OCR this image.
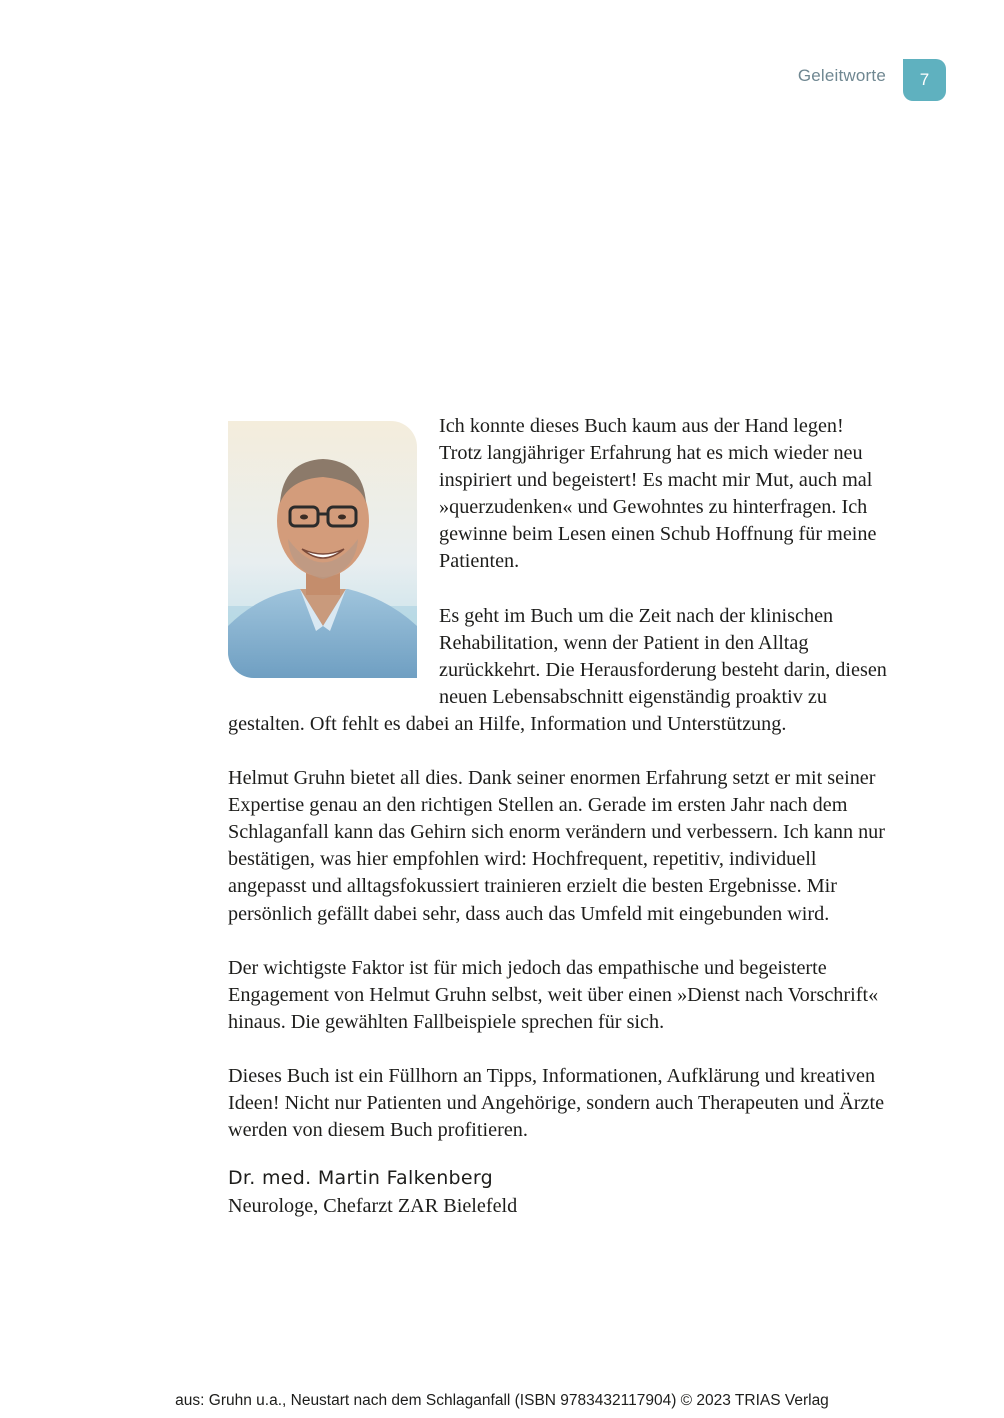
Geleitworte	7

Ich konnte dieses Buch kaum aus der Hand legen! Trotz langjähriger Erfahrung hat es mich wieder neu inspiriert und begeistert! Es macht mir Mut, auch mal »querzudenken« und Gewohntes zu hinterfragen. Ich gewinne beim Lesen einen Schub Hoffnung für meine Patienten.

Es geht im Buch um die Zeit nach der klinischen Rehabilitation, wenn der Patient in den Alltag zurückkehrt. Die Herausforderung besteht darin, diesen neuen Lebensabschnitt eigenständig proaktiv zu gestalten. Oft fehlt es dabei an Hilfe, Information und Unterstützung.

Helmut Gruhn bietet all dies. Dank seiner enormen Erfahrung setzt er mit seiner Expertise genau an den richtigen Stellen an. Gerade im ersten Jahr nach dem Schlaganfall kann das Gehirn sich enorm verändern und verbessern. Ich kann nur bestätigen, was hier empfohlen wird: Hochfrequent, repetitiv, individuell angepasst und alltagsfokussiert trainieren erzielt die besten Ergebnisse. Mir persönlich gefällt dabei sehr, dass auch das Umfeld mit eingebunden wird.

Der wichtigste Faktor ist für mich jedoch das empathische und begeisterte Engagement von Helmut Gruhn selbst, weit über einen »Dienst nach Vorschrift« hinaus. Die gewählten Fallbeispiele sprechen für sich.

Dieses Buch ist ein Füllhorn an Tipps, Informationen, Aufklärung und kreativen Ideen! Nicht nur Patienten und Angehörige, sondern auch Therapeuten und Ärzte werden von diesem Buch profitieren.

Dr. med. Martin Falkenberg
Neurologe, Chefarzt ZAR Bielefeld
aus: Gruhn u.a., Neustart nach dem Schlaganfall (ISBN 9783432117904) © 2023 TRIAS Verlag
